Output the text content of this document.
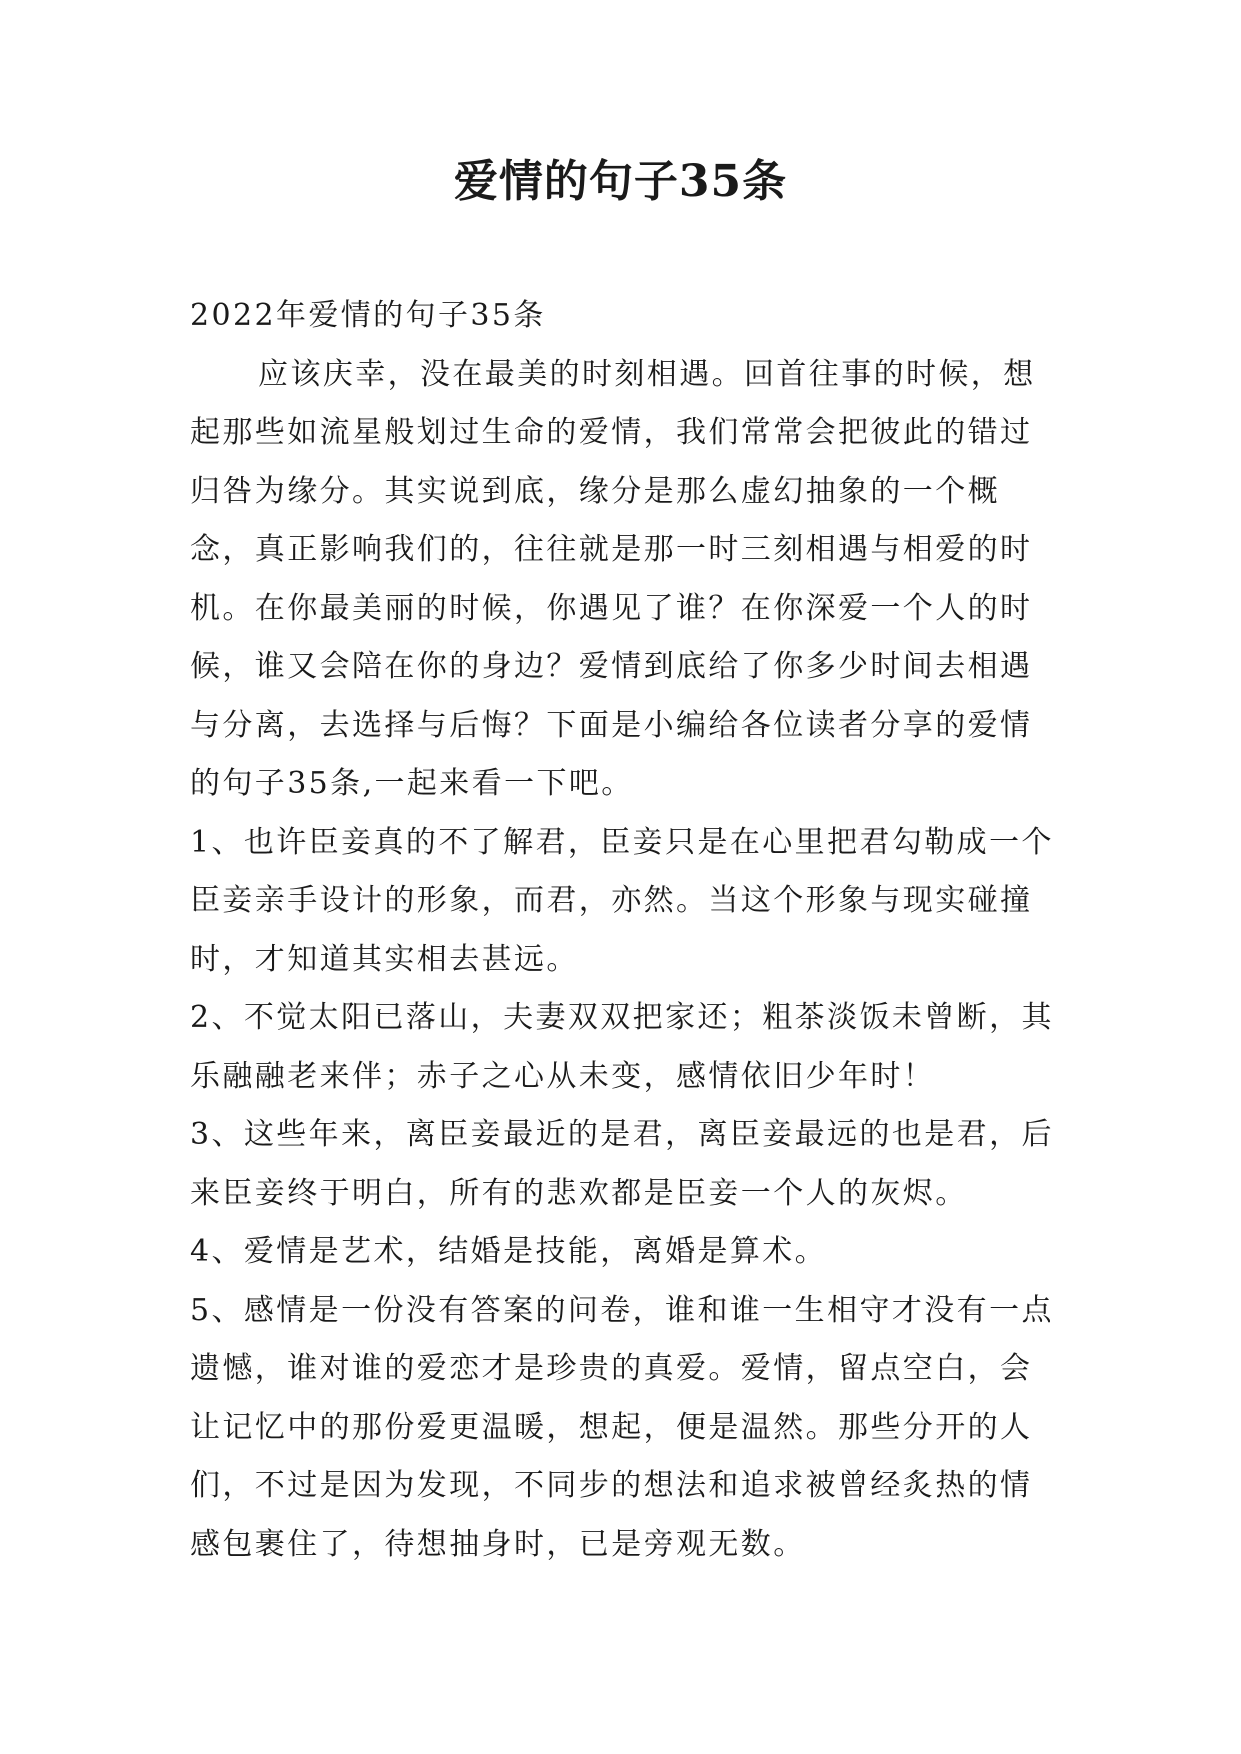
爱情的句子35条

2022年爱情的句子35条

应该庆幸，没在最美的时刻相遇。回首往事的时候，想起那些如流星般划过生命的爱情，我们常常会把彼此的错过归咎为缘分。其实说到底，缘分是那么虚幻抽象的一个概念，真正影响我们的，往往就是那一时三刻相遇与相爱的时机。在你最美丽的时候，你遇见了谁？在你深爱一个人的时候，谁又会陪在你的身边？爱情到底给了你多少时间去相遇与分离，去选择与后悔？下面是小编给各位读者分享的爱情的句子35条,一起来看一下吧。

1、也许臣妾真的不了解君，臣妾只是在心里把君勾勒成一个臣妾亲手设计的形象，而君，亦然。当这个形象与现实碰撞时，才知道其实相去甚远。

2、不觉太阳已落山，夫妻双双把家还；粗茶淡饭未曾断，其乐融融老来伴；赤子之心从未变，感情依旧少年时！

3、这些年来，离臣妾最近的是君，离臣妾最远的也是君，后来臣妾终于明白，所有的悲欢都是臣妾一个人的灰烬。

4、爱情是艺术，结婚是技能，离婚是算术。

5、感情是一份没有答案的问卷，谁和谁一生相守才没有一点遗憾，谁对谁的爱恋才是珍贵的真爱。爱情，留点空白，会让记忆中的那份爱更温暖，想起，便是温然。那些分开的人们，不过是因为发现，不同步的想法和追求被曾经炙热的情感包裹住了，待想抽身时，已是旁观无数。
